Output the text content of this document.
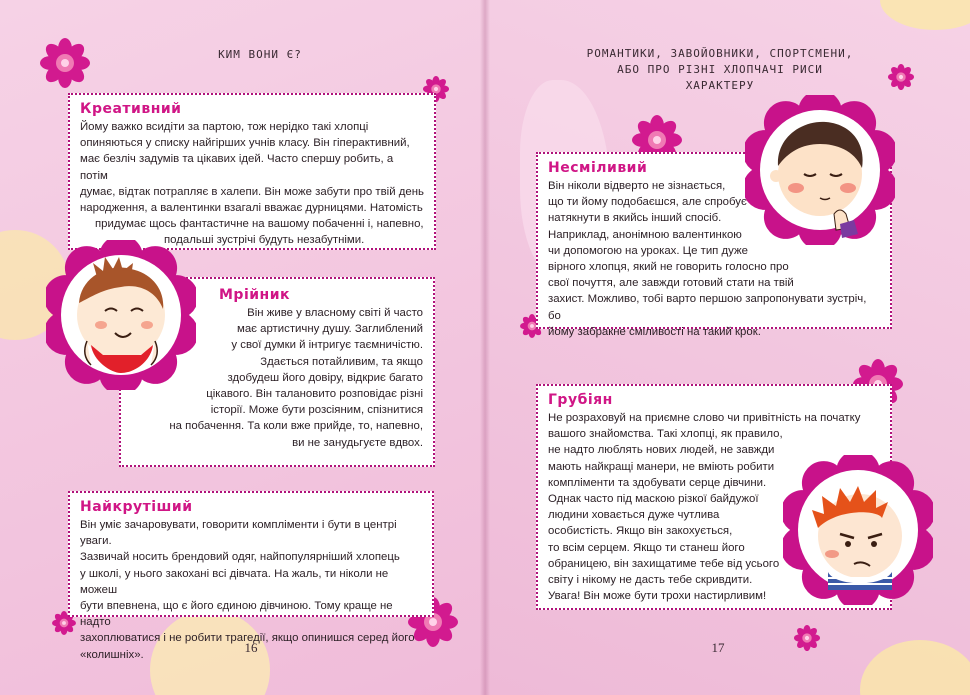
КИМ ВОНИ Є?	РОМАНТИКИ, ЗАВОЙОВНИКИ, СПОРТСМЕНИ,
АБО ПРО РІЗНІ ХЛОПЧАЧІ РИСИ ХАРАКТЕРУ
Креативний
Йому важко всидіти за партою, тож нерідко такі хлопці
опиняються у списку найгірших учнів класу. Він гіперактивний,
має безліч задумів та цікавих ідей. Часто спершу робить, а потім
думає, відтак потрапляє в халепи. Він може забути про твій день
народження, а валентинки взагалі вважає дурницями. Натомість
придумає щось фантастичне на вашому побаченні і, напевно,
подальші зустрічі будуть незабутніми.
Мрійник
Він живе у власному світі й часто
має артистичну душу. Заглиблений
у свої думки й інтригує таємничістю.
Здається потайливим, та якщо
здобудеш його довіру, відкриє багато
цікавого. Він талановито розповідає різні
історії. Може бути розсіяним, спізнитися
на побачення. Та коли вже прийде, то, напевно,
ви не занудьгуєте вдвох.
Найкрутіший
Він уміє зачаровувати, говорити компліменти і бути в центрі уваги.
Зазвичай носить брендовий одяг, найпопулярніший хлопець
у школі, у нього закохані всі дівчата. На жаль, ти ніколи не можеш
бути впевнена, що є його єдиною дівчиною. Тому краще не надто
захоплюватися і не робити трагедії, якщо опинишся серед його
«колишніх».
Несміливий
Він ніколи відверто не зізнається,
що ти йому подобаєшся, але спробує
натякнути в якийсь інший спосіб.
Наприклад, анонімною валентинкою
чи допомогою на уроках. Це тип дуже
вірного хлопця, який не говорить голосно про
свої почуття, але завжди готовий стати на твій
захист. Можливо, тобі варто першою запропонувати зустріч, бо
йому забракне сміливості на такий крок.
Грубіян
Не розраховуй на приємне слово чи привітність на початку
вашого знайомства. Такі хлопці, як правило,
не надто люблять нових людей, не завжди
мають найкращі манери, не вміють робити
компліменти та здобувати серце дівчини.
Однак часто під маскою різкої байдужої
людини ховається дуже чутлива
особистість. Якщо він закохується,
то всім серцем. Якщо ти станеш його
обраницею, він захищатиме тебе від усього
світу і нікому не дасть тебе скривдити.
Увага! Він може бути трохи настирливим!
16	17
